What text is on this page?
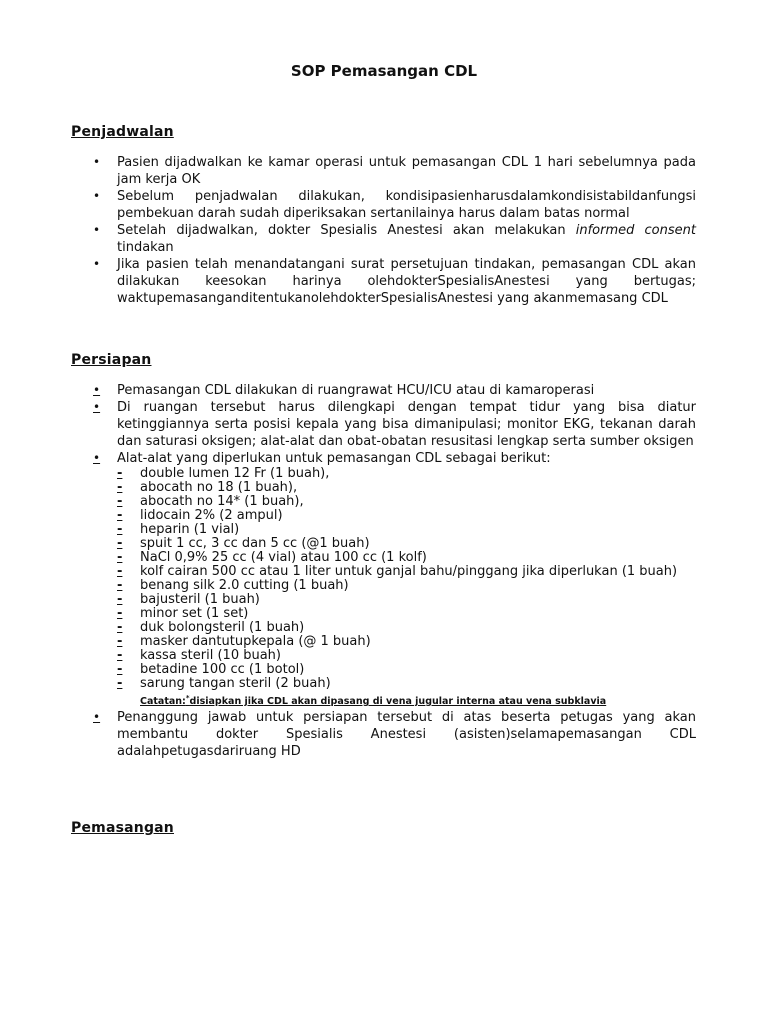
SOP Pemasangan CDL
Penjadwalan
• Pasien dijadwalkan ke kamar operasi untuk pemasangan CDL 1 hari sebelumnya pada jam kerja OK
• Sebelum penjadwalan dilakukan, kondisipasienharusdalamkondisistabildanfungsi pembekuan darah sudah diperiksakan sertanilainya harus dalam batas normal
• Setelah dijadwalkan, dokter Spesialis Anestesi akan melakukan informed consent tindakan
• Jika pasien telah menandatangani surat persetujuan tindakan, pemasangan CDL akan dilakukan keesokan harinya olehdokterSpesialisAnestesi yang bertugas; waktupemasanganditentukanolehdokterSpesialisAnestesi yang akanmemasang CDL
Persiapan
• Pemasangan CDL dilakukan di ruangrawat HCU/ICU atau di kamaroperasi
• Di ruangan tersebut harus dilengkapi dengan tempat tidur yang bisa diatur ketinggiannya serta posisi kepala yang bisa dimanipulasi; monitor EKG, tekanan darah dan saturasi oksigen; alat-alat dan obat-obatan resusitasi lengkap serta sumber oksigen
• Alat-alat yang diperlukan untuk pemasangan CDL sebagai berikut:
- double lumen 12 Fr (1 buah),
- abocath no 18 (1 buah),
- abocath no 14* (1 buah),
- lidocain 2% (2 ampul)
- heparin (1 vial)
- spuit 1 cc, 3 cc dan 5 cc (@1 buah)
- NaCl 0,9% 25 cc (4 vial) atau 100 cc (1 kolf)
- kolf cairan 500 cc atau 1 liter untuk ganjal bahu/pinggang jika diperlukan (1 buah)
- benang silk 2.0 cutting (1 buah)
- bajusteril (1 buah)
- minor set (1 set)
- duk bolongsteril (1 buah)
- masker dantutupkepala (@ 1 buah)
- kassa steril (10 buah)
- betadine 100 cc (1 botol)
- sarung tangan steril (2 buah)
Catatan:*disiapkan jika CDL akan dipasang di vena jugular interna atau vena subklavia
• Penanggung jawab untuk persiapan tersebut di atas beserta petugas yang akan membantu dokter Spesialis Anestesi (asisten)selamapemasangan CDL adalahpetugasdariruang HD
Pemasangan
